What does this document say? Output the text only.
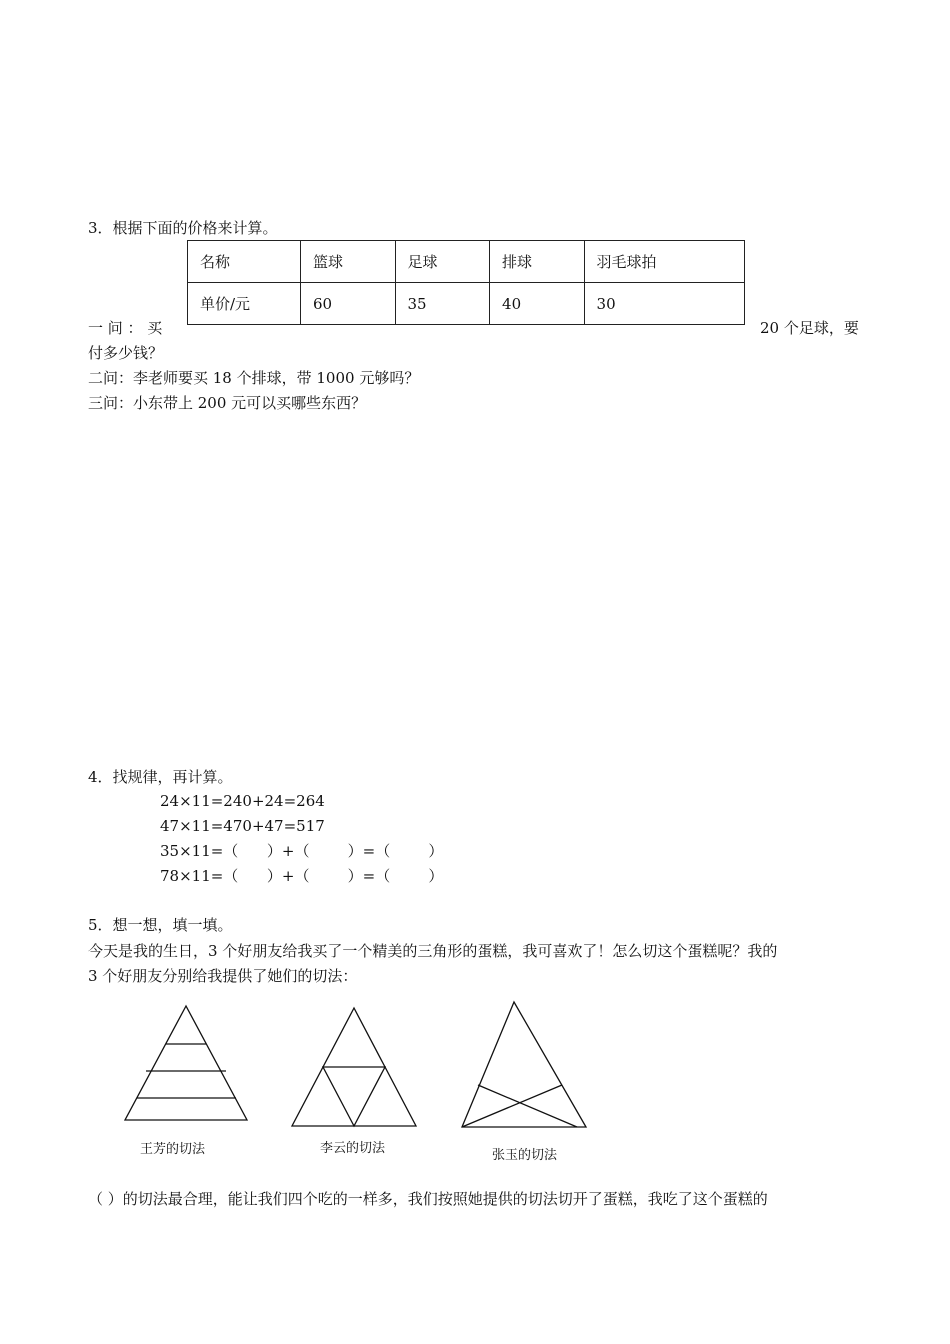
3．根据下面的价格来计算。
名称	篮球	足球	排球	羽毛球拍
单价/元	60	35	40	30
一 问 ： 买	20 个足球，要
付多少钱？
二问：李老师要买 18 个排球，带 1000 元够吗？
三问：小东带上 200 元可以买哪些东西？
4．找规律，再计算。
24×11=240+24=264
47×11=470+47=517
35×11=（      ）+（        ）=（        ）
78×11=（      ）+（        ）=（        ）
5．想一想，填一填。
今天是我的生日，3 个好朋友给我买了一个精美的三角形的蛋糕，我可喜欢了！怎么切这个蛋糕呢？我的
3 个好朋友分别给我提供了她们的切法：
王芳的切法	李云的切法	张玉的切法
（ ）的切法最合理，能让我们四个吃的一样多，我们按照她提供的切法切开了蛋糕，我吃了这个蛋糕的
